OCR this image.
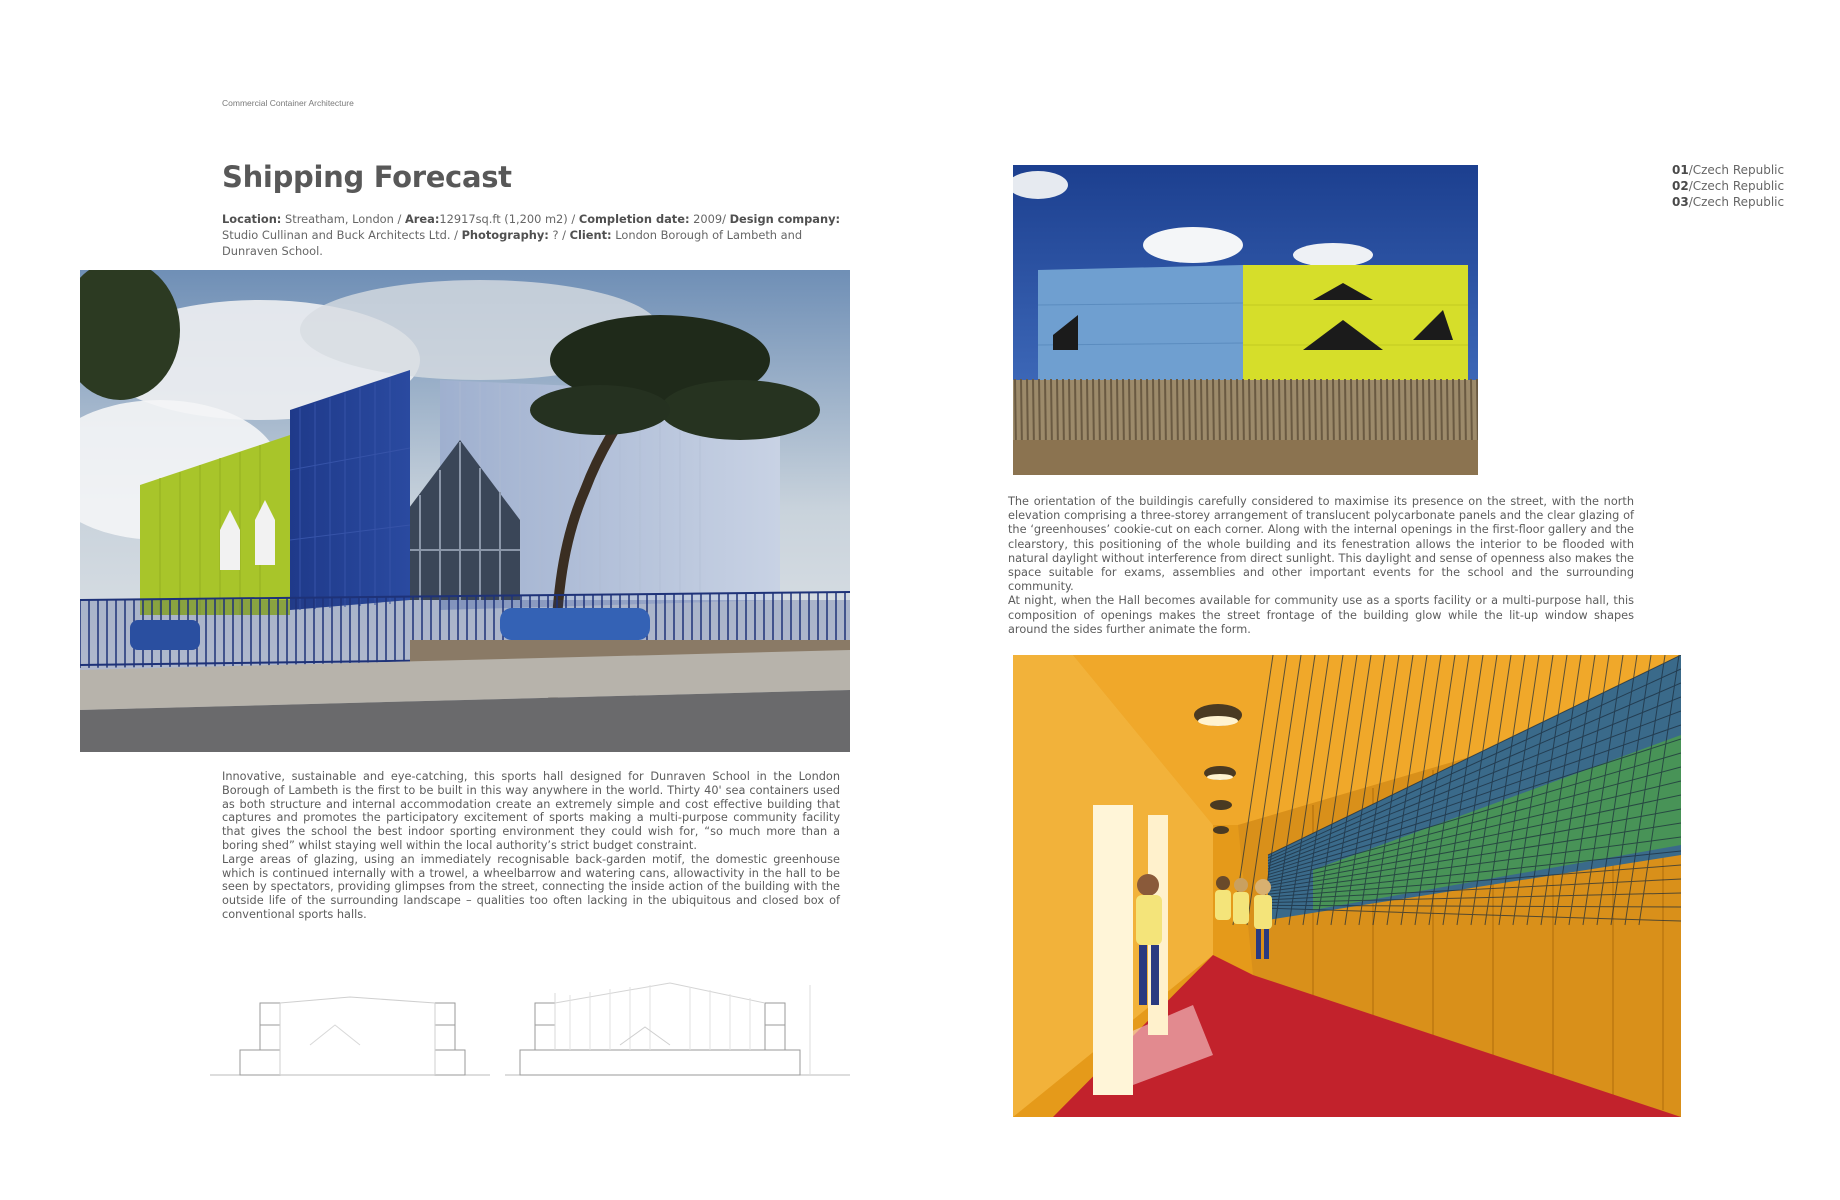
Commercial Container Architecture
Shipping Forecast

Location: Streatham, London / Area:12917sq.ft (1,200 m2) / Completion date: 2009/ Design company: Studio Cullinan and Buck Architects Ltd. / Photography: ? / Client: London Borough of Lambeth and Dunraven School.

The orientation of the buildingis carefully considered to maximise its presence on the street, with the north elevation comprising a three-storey arrangement of translucent polycarbonate panels and the clear glazing of the ‘greenhouses’ cookie-cut on each corner. Along with the internal openings in the first-floor gallery and the clearstory, this positioning of the whole building and its fenestration allows the interior to be flooded with natural daylight without interference from direct sunlight. This daylight and sense of openness also makes the space suitable for exams, assemblies and other important events for the school and the surrounding community.
At night, when the Hall becomes available for community use as a sports facility or a multi-purpose hall, this composition of openings makes the street frontage of the building glow while the lit-up window shapes around the sides further animate the form.

Innovative, sustainable and eye-catching, this sports hall designed for Dunraven School in the London Borough of Lambeth is the first to be built in this way anywhere in the world. Thirty 40' sea containers used as both structure and internal accommodation create an extremely simple and cost effective building that captures and promotes the participatory excitement of sports making a multi-purpose community facility that gives the school the best indoor sporting environment they could wish for, “so much more than a boring shed” whilst staying well within the local authority’s strict budget constraint.
Large areas of glazing, using an immediately recognisable back-garden motif, the domestic greenhouse which is continued internally with a trowel, a wheelbarrow and watering cans, allowactivity in the hall to be seen by spectators, providing glimpses from the street, connecting the inside action of the building with the outside life of the surrounding landscape – qualities too often lacking in the ubiquitous and closed box of conventional sports halls.

01/Czech Republic
02/Czech Republic
03/Czech Republic
